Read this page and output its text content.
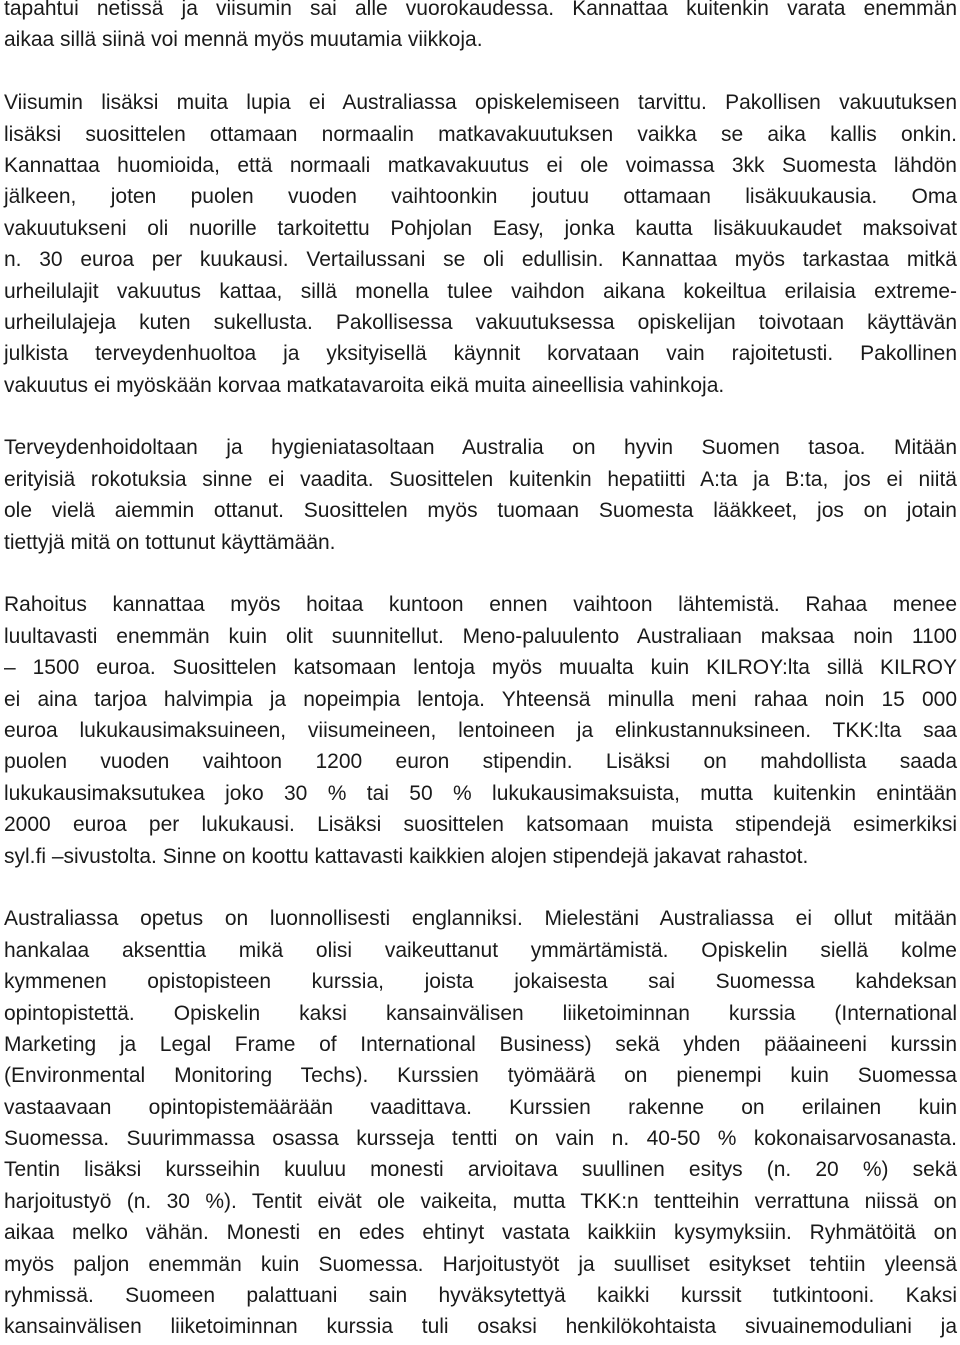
tapahtui netissä ja viisumin sai alle vuorokaudessa. Kannattaa kuitenkin varata enemmän
aikaa sillä siinä voi mennä myös muutamia viikkoja.
Viisumin lisäksi muita lupia ei Australiassa opiskelemiseen tarvittu. Pakollisen vakuutuksen
lisäksi suosittelen ottamaan normaalin matkavakuutuksen vaikka se aika kallis onkin.
Kannattaa huomioida, että normaali matkavakuutus ei ole voimassa 3kk Suomesta lähdön
jälkeen, joten puolen vuoden vaihtoonkin joutuu ottamaan lisäkuukausia. Oma
vakuutukseni oli nuorille tarkoitettu Pohjolan Easy, jonka kautta lisäkuukaudet maksoivat
n. 30 euroa per kuukausi. Vertailussani se oli edullisin. Kannattaa myös tarkastaa mitkä
urheilulajit vakuutus kattaa, sillä monella tulee vaihdon aikana kokeiltua erilaisia extreme-
urheilulajeja kuten sukellusta. Pakollisessa vakuutuksessa opiskelijan toivotaan käyttävän
julkista terveydenhuoltoa ja yksityisellä käynnit korvataan vain rajoitetusti. Pakollinen
vakuutus ei myöskään korvaa matkatavaroita eikä muita aineellisia vahinkoja.
Terveydenhoidoltaan ja hygieniatasoltaan Australia on hyvin Suomen tasoa. Mitään
erityisiä rokotuksia sinne ei vaadita. Suosittelen kuitenkin hepatiitti A:ta ja B:ta, jos ei niitä
ole vielä aiemmin ottanut. Suosittelen myös tuomaan Suomesta lääkkeet, jos on jotain
tiettyjä mitä on tottunut käyttämään.
Rahoitus kannattaa myös hoitaa kuntoon ennen vaihtoon lähtemistä. Rahaa menee
luultavasti enemmän kuin olit suunnitellut. Meno-paluulento Australiaan maksaa noin 1100
– 1500 euroa. Suosittelen katsomaan lentoja myös muualta kuin KILROY:lta sillä KILROY
ei aina tarjoa halvimpia ja nopeimpia lentoja. Yhteensä minulla meni rahaa noin 15 000
euroa lukukausimaksuineen, viisumeineen, lentoineen ja elinkustannuksineen. TKK:lta saa
puolen vuoden vaihtoon 1200 euron stipendin. Lisäksi on mahdollista saada
lukukausimaksutukea joko 30 % tai 50 % lukukausimaksuista, mutta kuitenkin enintään
2000 euroa per lukukausi. Lisäksi suosittelen katsomaan muista stipendejä esimerkiksi
syl.fi –sivustolta. Sinne on koottu kattavasti kaikkien alojen stipendejä jakavat rahastot.
Australiassa opetus on luonnollisesti englanniksi. Mielestäni Australiassa ei ollut mitään
hankalaa aksenttia mikä olisi vaikeuttanut ymmärtämistä. Opiskelin siellä kolme
kymmenen opistopisteen kurssia, joista jokaisesta sai Suomessa kahdeksan
opintopistettä. Opiskelin kaksi kansainvälisen liiketoiminnan kurssia (International
Marketing ja Legal Frame of International Business) sekä yhden pääaineeni kurssin
(Environmental Monitoring Techs). Kurssien työmäärä on pienempi kuin Suomessa
vastaavaan opintopistemäärään vaadittava. Kurssien rakenne on erilainen kuin
Suomessa. Suurimmassa osassa kursseja tentti on vain n. 40-50 % kokonaisarvosanasta.
Tentin lisäksi kursseihin kuuluu monesti arvioitava suullinen esitys (n. 20 %) sekä
harjoitustyö (n. 30 %). Tentit eivät ole vaikeita, mutta TKK:n tentteihin verrattuna niissä on
aikaa melko vähän. Monesti en edes ehtinyt vastata kaikkiin kysymyksiin. Ryhmätöitä on
myös paljon enemmän kuin Suomessa. Harjoitustyöt ja suulliset esitykset tehtiin yleensä
ryhmissä. Suomeen palattuani sain hyväksytettyä kaikki kurssit tutkintooni. Kaksi
kansainvälisen liiketoiminnan kurssia tuli osaksi henkilökohtaista sivuainemoduliani ja
